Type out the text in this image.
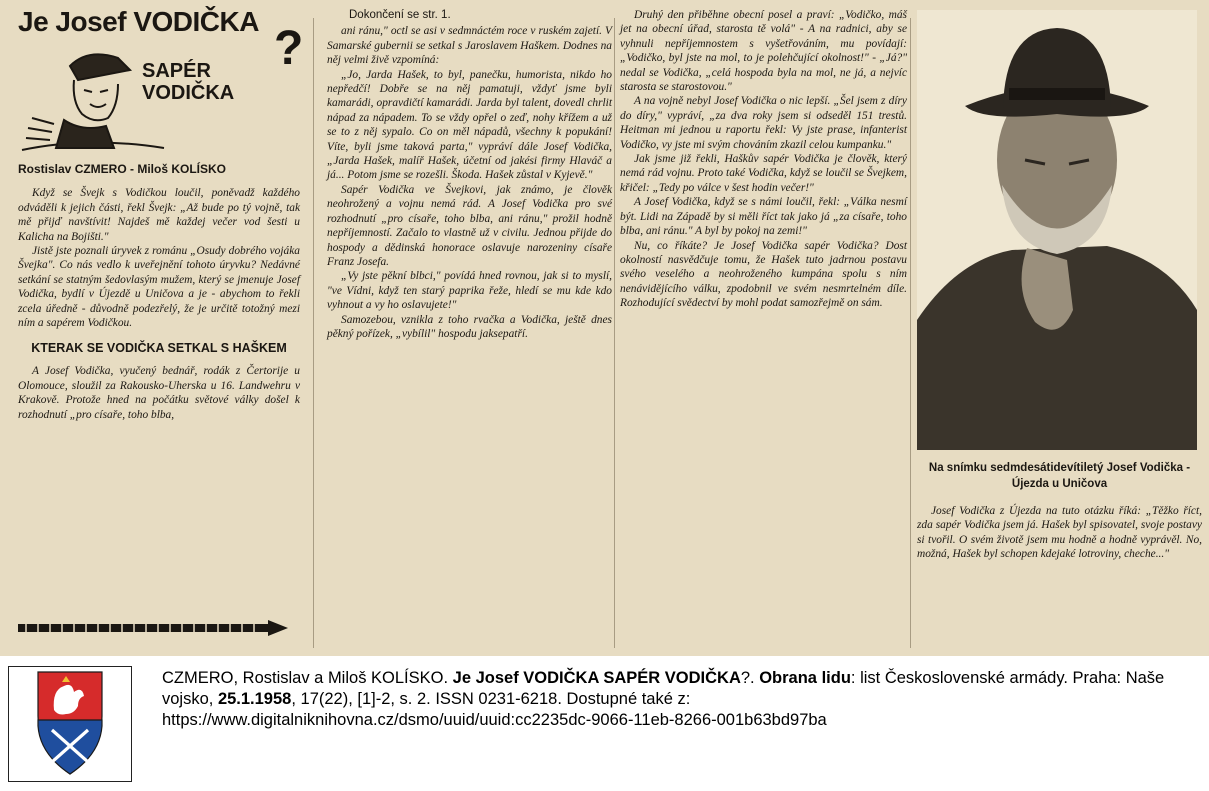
Je Josef VODIČKA
SAPÉR
VODIČKA
?
Rostislav CZMERO - Miloš KOLÍSKO

Když se Švejk s Vodičkou loučil, poněvadž každého odváděli k jejich části, řekl Švejk: „Až bude po tý vojně, tak mě přijď navštívit! Najdeš mě každej večer vod šesti u Kalicha na Bojišti."

Jistě jste poznali úryvek z románu „Osudy dobrého vojáka Švejka". Co nás vedlo k uveřejnění tohoto úryvku? Nedávné setkání se statným šedovlasým mužem, který se jmenuje Josef Vodička, bydlí v Újezdě u Uničova a je - abychom to řekli zcela úředně - důvodně podezřelý, že je určitě totožný mezi ním a sapérem Vodičkou.

KTERAK SE VODIČKA SETKAL S HAŠKEM

A Josef Vodička, vyučený bednář, rodák z Čertorije u Olomouce, sloužil za Rakousko-Uherska u 16. Landwehru v Krakově. Protože hned na počátku světové války došel k rozhodnutí „pro císaře, toho blba,

Dokončení se str. 1.

ani ránu," octl se asi v sedmnáctém roce v ruském zajetí. V Samarské gubernii se setkal s Jaroslavem Haškem. Dodnes na něj velmi živě vzpomíná:

„Jo, Jarda Hašek, to byl, panečku, humorista, nikdo ho nepředčí! Dobře se na něj pamatuji, vždyť jsme byli kamarádi, opravdičtí kamarádi. Jarda byl talent, dovedl chrlit nápad za nápadem. To se vždy opřel o zeď, nohy křížem a už se to z něj sypalo. Co on měl nápadů, všechny k popukání! Víte, byli jsme taková parta," vypráví dále Josef Vodička, „Jarda Hašek, malíř Hašek, účetní od jakési firmy Hlaváč a já... Potom jsme se rozešli. Škoda. Hašek zůstal v Kyjevě."

Sapér Vodička ve Švejkovi, jak známo, je člověk neohrožený a vojnu nemá rád. A Josef Vodička pro své rozhodnutí „pro císaře, toho blba, ani ránu," prožil hodně nepříjemností. Začalo to vlastně už v civilu. Jednou přijde do hospody a dědinská honorace oslavuje narozeniny císaře Franz Josefa.

„Vy jste pěkní blbci," povídá hned rovnou, jak si to myslí, "ve Vídni, když ten starý paprika řeže, hledí se mu kde kdo vyhnout a vy ho oslavujete!"

Samozebou, vznikla z toho rvačka a Vodička, ještě dnes pěkný pořízek, „vybílil" hospodu jaksepatří.

Druhý den přiběhne obecní posel a praví: „Vodičko, máš jet na obecní úřad, starosta tě volá" - A na radnici, aby se vyhnuli nepříjemnostem s vyšetřováním, mu povídají: „Vodičko, byl jste na mol, to je polehčující okolnost!" - „Já?" nedal se Vodička, „celá hospoda byla na mol, ne já, a nejvíc starosta se starostovou."

A na vojně nebyl Josef Vodička o nic lepší. „Šel jsem z díry do díry," vypráví, „za dva roky jsem si odseděl 151 trestů. Heitman mi jednou u raportu řekl: Vy jste prase, infanterist Vodičko, vy jste mi svým chováním zkazil celou kumpanku."

Jak jsme již řekli, Haškův sapér Vodička je člověk, který nemá rád vojnu. Proto také Vodička, když se loučil se Švejkem, křičel: „Tedy po válce v šest hodin večer!"

A Josef Vodička, když se s námi loučil, řekl: „Válka nesmí být. Lidi na Západě by si měli říct tak jako já „za císaře, toho blba, ani ránu." A byl by pokoj na zemi!"

Nu, co říkáte? Je Josef Vodička sapér Vodička? Dost okolností nasvědčuje tomu, že Hašek tuto jadrnou postavu svého veselého a neohroženého kumpána spolu s ním nenávidějícího válku, zpodobnil ve svém nesmrtelném díle. Rozhodující svědectví by mohl podat samozřejmě on sám.

Na snímku sedmdesátidevítiletý Josef Vodička - Újezda u Uničova

Josef Vodička z Újezda na tuto otázku říká: „Těžko říct, zda sapér Vodička jsem já. Hašek byl spisovatel, svoje postavy si tvořil. O svém životě jsem mu hodně a hodně vyprávěl. No, možná, Hašek byl schopen kdejaké lotroviny, cheche..."

CZMERO, Rostislav a Miloš KOLÍSKO. Je Josef VODIČKA SAPÉR VODIČKA?. Obrana lidu: list Československé armády. Praha: Naše vojsko, 25.1.1958, 17(22), [1]-2, s. 2. ISSN 0231-6218. Dostupné také z:
https://www.digitalniknihovna.cz/dsmo/uuid/uuid:cc2235dc-9066-11eb-8266-001b63bd97ba
